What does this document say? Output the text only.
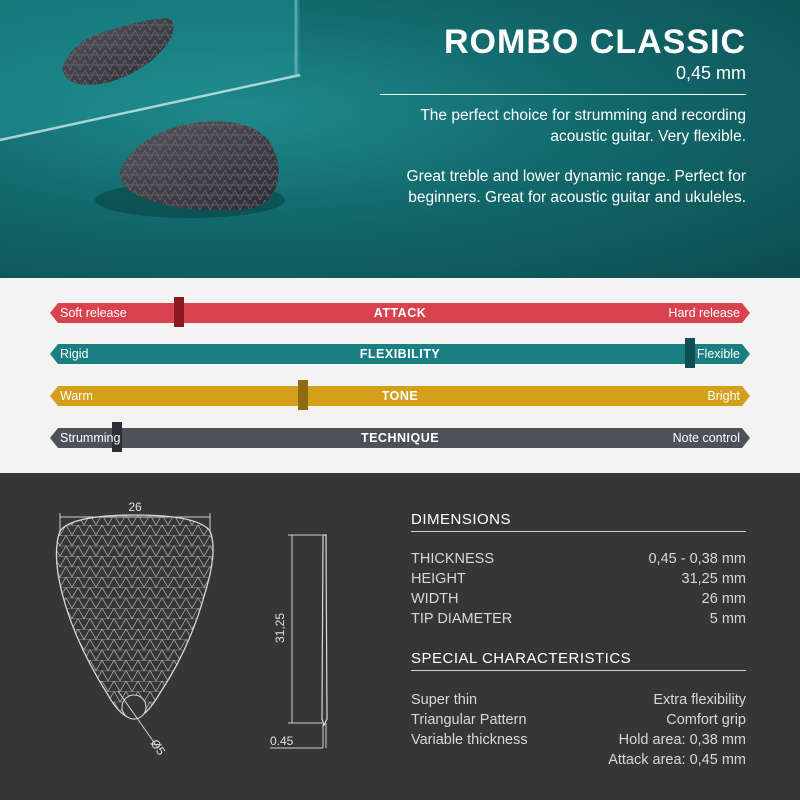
ROMBO CLASSIC
0,45 mm

The perfect choice for strumming and recording acoustic guitar. Very flexible.

Great treble and lower dynamic range. Perfect for beginners. Great for acoustic guitar and ukuleles.

Soft release	ATTACK	Hard release
Rigid	FLEXIBILITY	Flexible
Warm	TONE	Bright
Strumming	TECHNIQUE	Note control
26
Ø5
31,25
0.45
DIMENSIONS
THICKNESS	0,45 - 0,38 mm
HEIGHT	31,25 mm
WIDTH	26 mm
TIP DIAMETER	5 mm
SPECIAL CHARACTERISTICS
Super thin	Extra flexibility
Triangular Pattern	Comfort grip
Variable thickness	Hold area: 0,38 mm
Attack area: 0,45 mm
